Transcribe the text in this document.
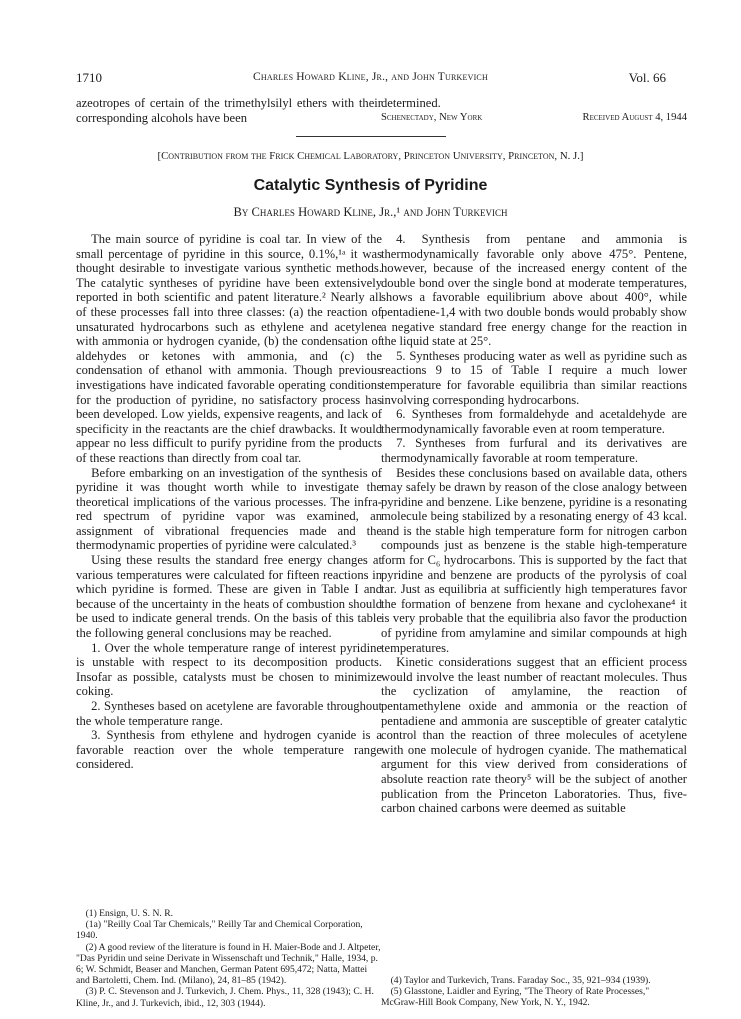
1710	Charles Howard Kline, Jr., and John Turkevich	Vol. 66

azeotropes of certain of the trimethylsilyl ethers with their corresponding alcohols have been

determined.

Schenectady, New York	Received August 4, 1944
[Contribution from the Frick Chemical Laboratory, Princeton University, Princeton, N. J.]
Catalytic Synthesis of Pyridine
By Charles Howard Kline, Jr.,¹ and John Turkevich

The main source of pyridine is coal tar. In view of the small percentage of pyridine in this source, 0.1%,¹ᵃ it was thought desirable to investigate various synthetic methods. The catalytic syntheses of pyridine have been extensively reported in both scientific and patent literature.² Nearly all of these processes fall into three classes: (a) the reaction of unsaturated hydrocarbons such as ethylene and acetylene with ammonia or hydrogen cyanide, (b) the condensation of aldehydes or ketones with ammonia, and (c) the condensation of ethanol with ammonia. Though previous investigations have indicated favorable operating conditions for the production of pyridine, no satisfactory process has been developed. Low yields, expensive reagents, and lack of specificity in the reactants are the chief drawbacks. It would appear no less difficult to purify pyridine from the products of these reactions than directly from coal tar.

Before embarking on an investigation of the synthesis of pyridine it was thought worth while to investigate the theoretical implications of the various processes. The infra-red spectrum of pyridine vapor was examined, an assignment of vibrational frequencies made and the thermodynamic properties of pyridine were calculated.³

Using these results the standard free energy changes at various temperatures were calculated for fifteen reactions in which pyridine is formed. These are given in Table I and because of the uncertainty in the heats of combustion should be used to indicate general trends. On the basis of this table the following general conclusions may be reached.

1. Over the whole temperature range of interest pyridine is unstable with respect to its decomposition products. Insofar as possible, catalysts must be chosen to minimize coking.

2. Syntheses based on acetylene are favorable throughout the whole temperature range.

3. Synthesis from ethylene and hydrogen cyanide is a favorable reaction over the whole temperature range considered.

4. Synthesis from pentane and ammonia is thermodynamically favorable only above 475°. Pentene, however, because of the increased energy content of the double bond over the single bond at moderate temperatures, shows a favorable equilibrium above about 400°, while pentadiene-1,4 with two double bonds would probably show a negative standard free energy change for the reaction in the liquid state at 25°.

5. Syntheses producing water as well as pyridine such as reactions 9 to 15 of Table I require a much lower temperature for favorable equilibria than similar reactions involving corresponding hydrocarbons.

6. Syntheses from formaldehyde and acetaldehyde are thermodynamically favorable even at room temperature.

7. Syntheses from furfural and its derivatives are thermodynamically favorable at room temperature.

Besides these conclusions based on available data, others may safely be drawn by reason of the close analogy between pyridine and benzene. Like benzene, pyridine is a resonating molecule being stabilized by a resonating energy of 43 kcal. and is the stable high temperature form for nitrogen carbon compounds just as benzene is the stable high-temperature form for C₆ hydrocarbons. This is supported by the fact that pyridine and benzene are products of the pyrolysis of coal tar. Just as equilibria at sufficiently high temperatures favor the formation of benzene from hexane and cyclohexane⁴ it is very probable that the equilibria also favor the production of pyridine from amylamine and similar compounds at high temperatures.

Kinetic considerations suggest that an efficient process would involve the least number of reactant molecules. Thus the cyclization of amylamine, the reaction of pentamethylene oxide and ammonia or the reaction of pentadiene and ammonia are susceptible of greater catalytic control than the reaction of three molecules of acetylene with one molecule of hydrogen cyanide. The mathematical argument for this view derived from considerations of absolute reaction rate theory⁵ will be the subject of another publication from the Princeton Laboratories. Thus, five-carbon chained carbons were deemed as suitable

(1) Ensign, U. S. N. R.

(1a) "Reilly Coal Tar Chemicals," Reilly Tar and Chemical Corporation, 1940.

(2) A good review of the literature is found in H. Maier-Bode and J. Altpeter, "Das Pyridin und seine Derivate in Wissenschaft und Technik," Halle, 1934, p. 6; W. Schmidt, Beaser and Manchen, German Patent 695,472; Natta, Mattei and Bartoletti, Chem. Ind. (Milano), 24, 81–85 (1942).

(3) P. C. Stevenson and J. Turkevich, J. Chem. Phys., 11, 328 (1943); C. H. Kline, Jr., and J. Turkevich, ibid., 12, 303 (1944).

(4) Taylor and Turkevich, Trans. Faraday Soc., 35, 921–934 (1939).

(5) Glasstone, Laidler and Eyring, "The Theory of Rate Processes," McGraw-Hill Book Company, New York, N. Y., 1942.
